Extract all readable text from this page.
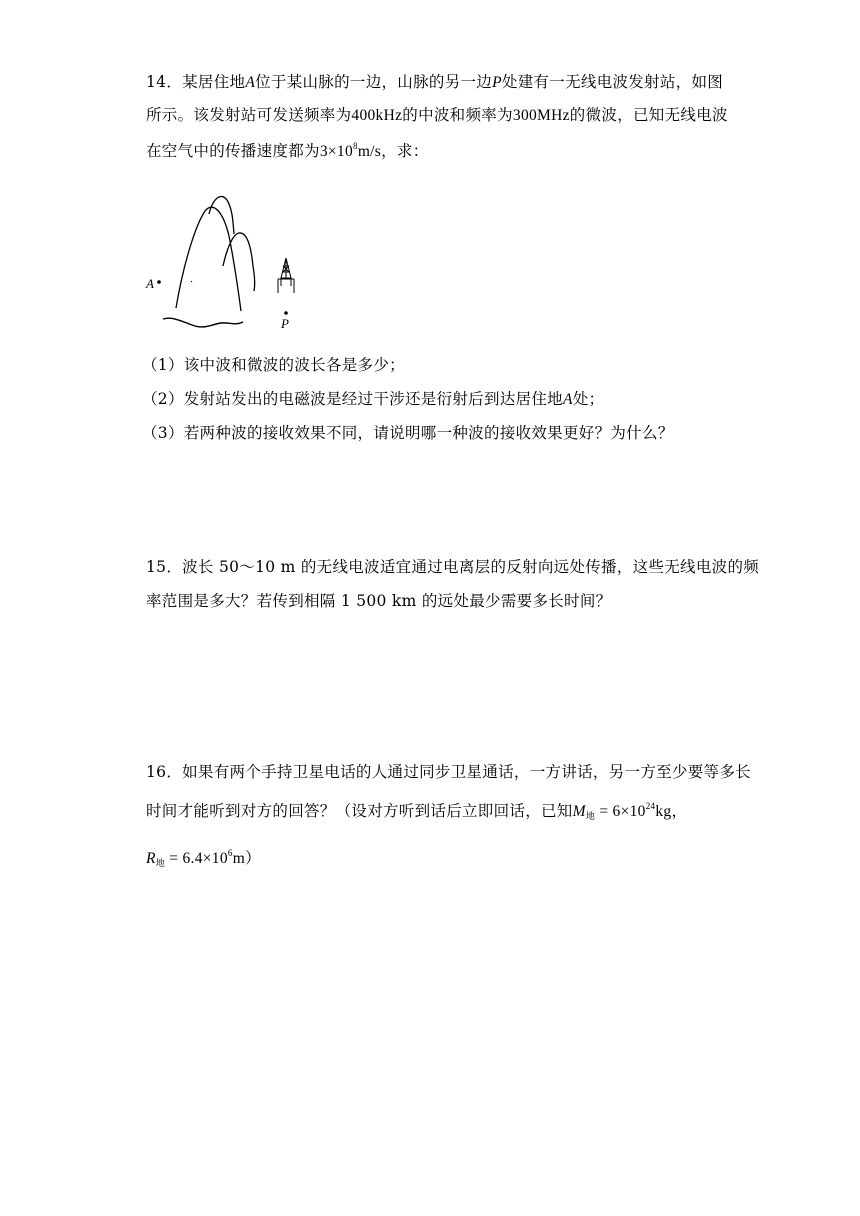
14．某居住地A位于某山脉的一边，山脉的另一边P处建有一无线电波发射站，如图
所示。该发射站可发送频率为400kHz的中波和频率为300MHz的微波，已知无线电波
在空气中的传播速度都为$3\times 10^8m/s$，求：
A
P
（1）该中波和微波的波长各是多少；
（2）发射站发出的电磁波是经过干涉还是衍射后到达居住地A处；
（3）若两种波的接收效果不同，请说明哪一种波的接收效果更好？为什么？
15．波长 50～10 m 的无线电波适宜通过电离层的反射向远处传播，这些无线电波的频
率范围是多大？若传到相隔 1 500 km 的远处最少需要多长时间？
16．如果有两个手持卫星电话的人通过同步卫星通话，一方讲话，另一方至少要等多长
时间才能听到对方的回答？（设对方听到话后立即回话，已知$M_地 = 6\times 10^{24}kg$，
$R_地 = 6.4\times 10^6m$）
